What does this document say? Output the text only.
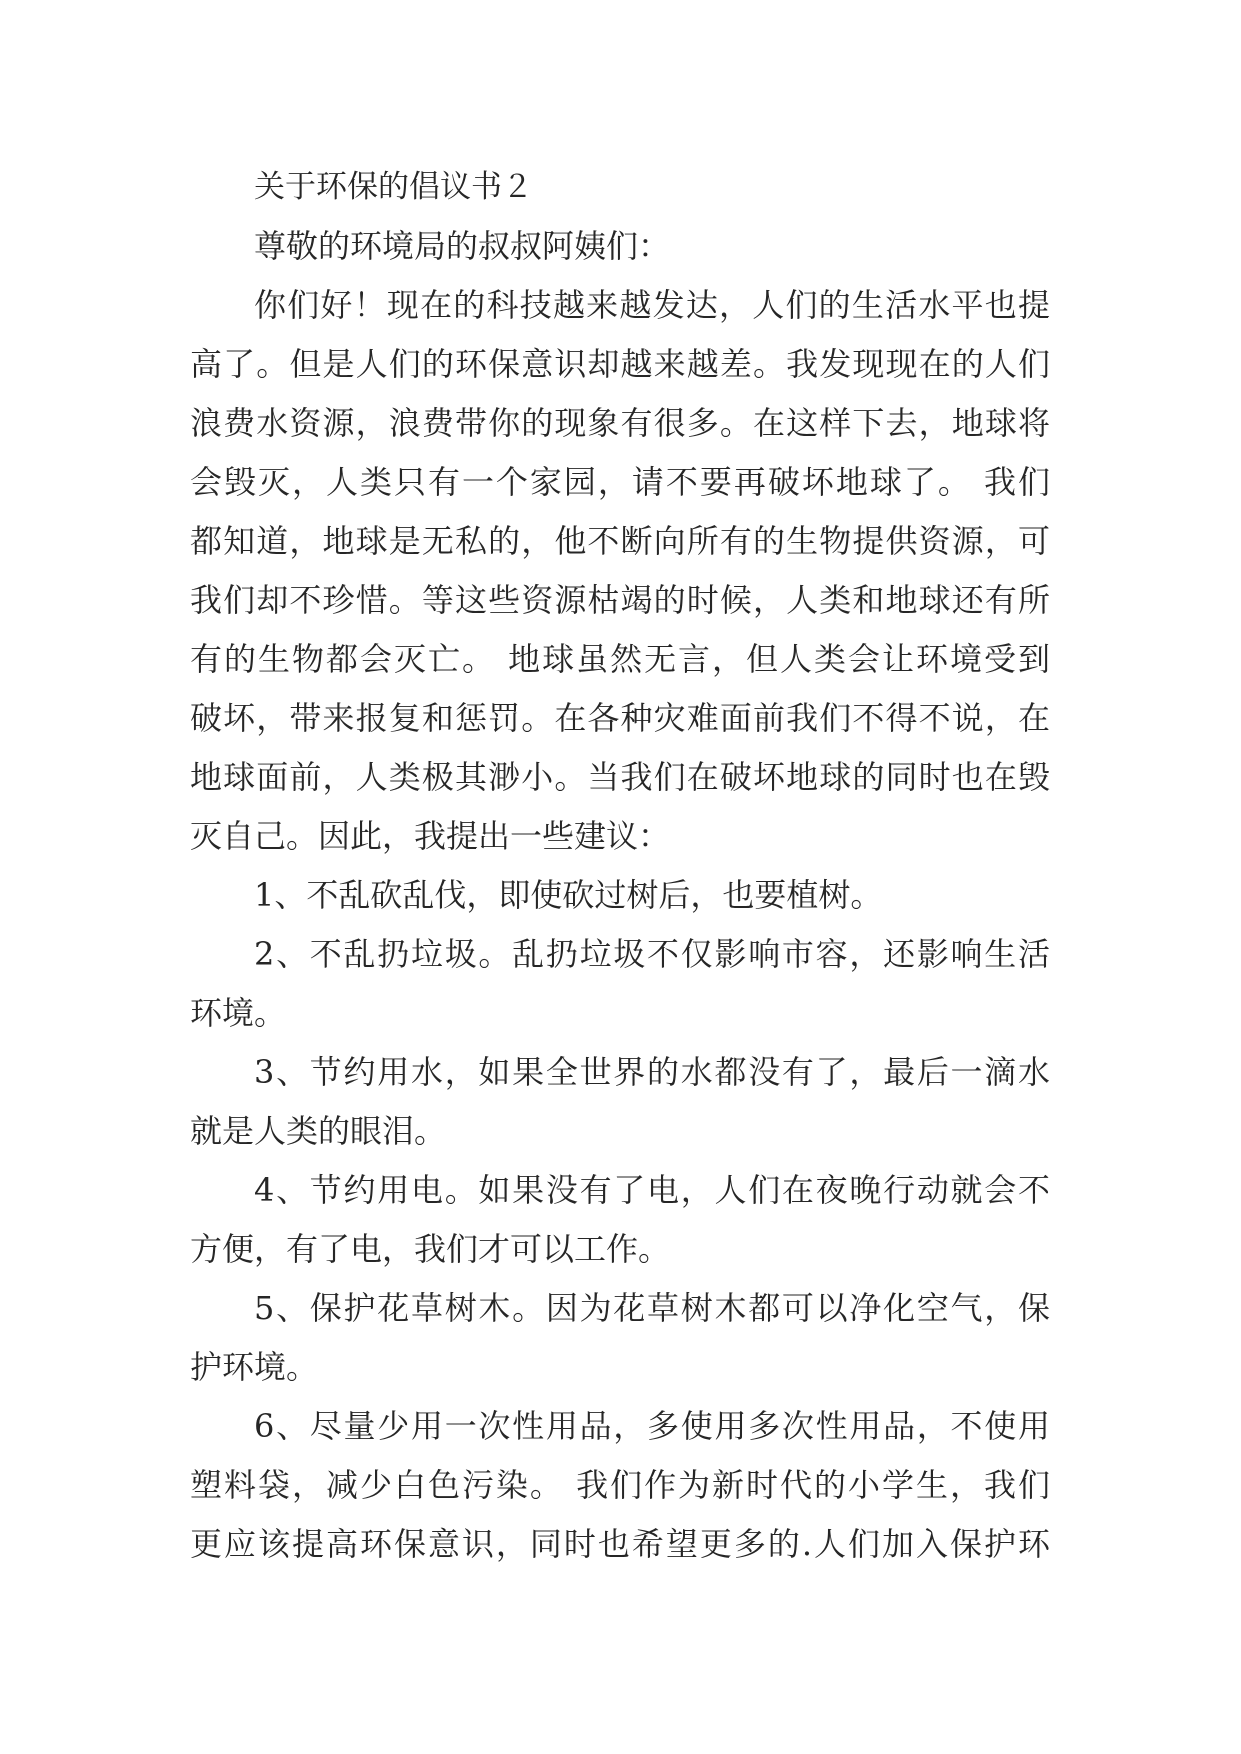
关于环保的倡议书２
尊敬的环境局的叔叔阿姨们：
你们好！现在的科技越来越发达，人们的生活水平也提
高了。但是人们的环保意识却越来越差。我发现现在的人们
浪费水资源，浪费带你的现象有很多。在这样下去，地球将
会毁灭，人类只有一个家园，请不要再破坏地球了。 我们
都知道，地球是无私的，他不断向所有的生物提供资源，可
我们却不珍惜。等这些资源枯竭的时候，人类和地球还有所
有的生物都会灭亡。 地球虽然无言，但人类会让环境受到
破坏，带来报复和惩罚。在各种灾难面前我们不得不说，在
地球面前，人类极其渺小。当我们在破坏地球的同时也在毁
灭自己。因此，我提出一些建议：
1、不乱砍乱伐，即使砍过树后，也要植树。
2、不乱扔垃圾。乱扔垃圾不仅影响市容，还影响生活
环境。
3、节约用水，如果全世界的水都没有了，最后一滴水
就是人类的眼泪。
4、节约用电。如果没有了电，人们在夜晚行动就会不
方便，有了电，我们才可以工作。
5、保护花草树木。因为花草树木都可以净化空气，保
护环境。
6、尽量少用一次性用品，多使用多次性用品，不使用
塑料袋，减少白色污染。 我们作为新时代的小学生，我们
更应该提高环保意识，同时也希望更多的.人们加入保护环
